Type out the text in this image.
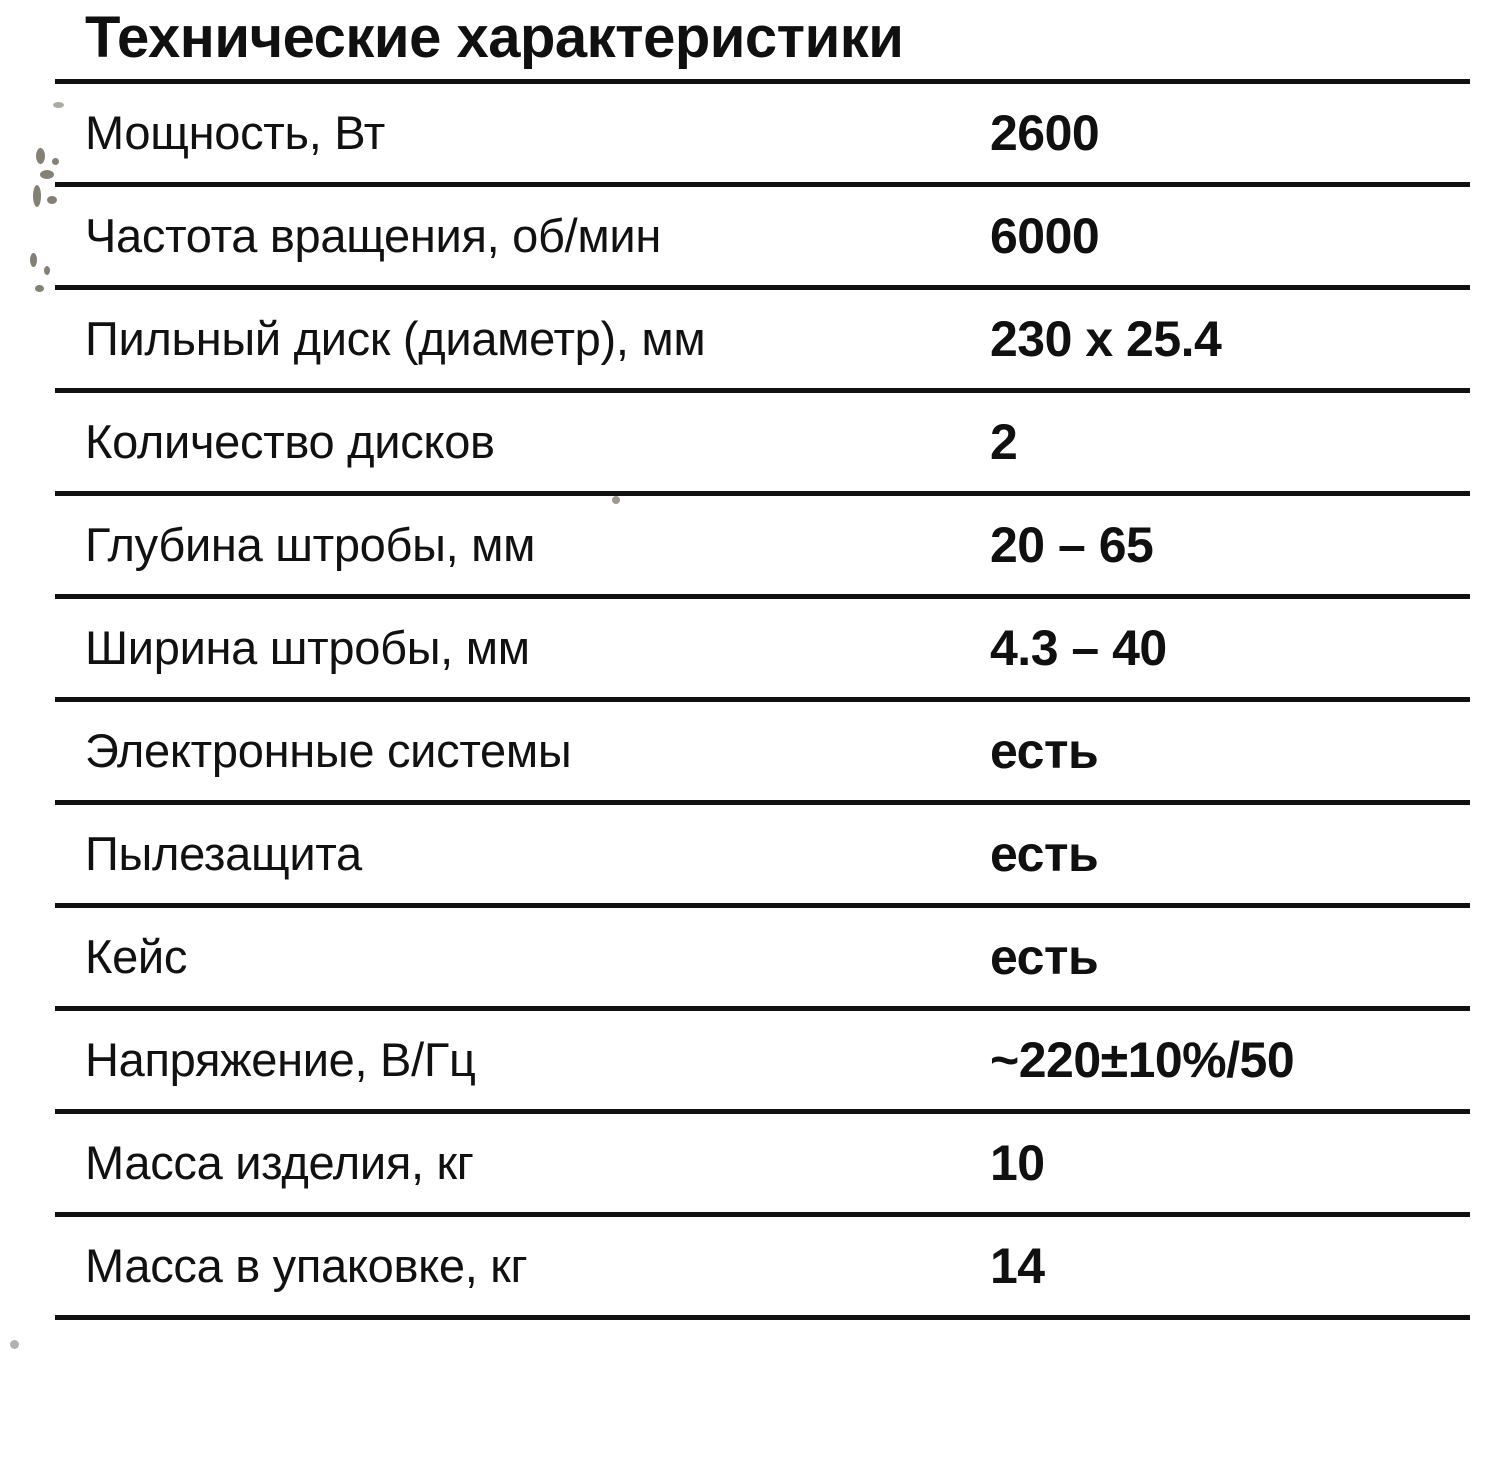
Технические характеристики
Мощность, Вт	2600
Частота вращения, об/мин	6000
Пильный диск (диаметр), мм	230 x 25.4
Количество дисков	2
Глубина штробы, мм	20 – 65
Ширина штробы, мм	4.3 – 40
Электронные системы	есть
Пылезащита	есть
Кейс	есть
Напряжение, В/Гц	~220±10%/50
Масса изделия, кг	10
Масса в упаковке, кг	14
